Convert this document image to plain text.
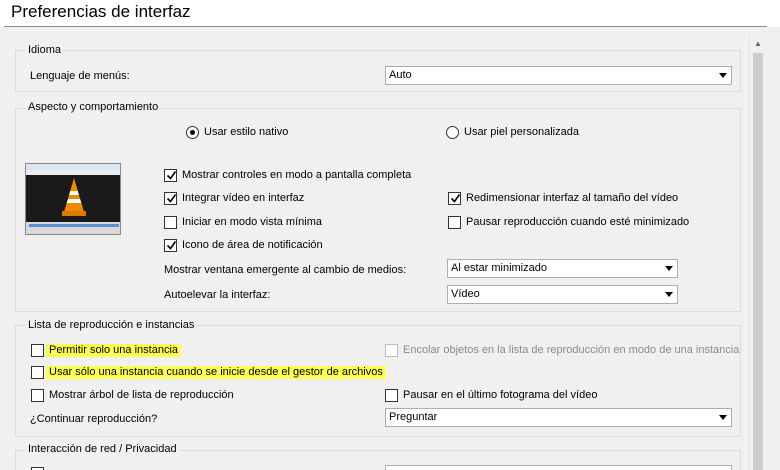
Preferencias de interfaz
Idioma
Lenguaje de menús:	Auto
Aspecto y comportamiento
Usar estilo nativo	Usar piel personalizada
Mostrar controles en modo a pantalla completa
Integrar vídeo en interfaz	Redimensionar interfaz al tamaño del vídeo
Iniciar en modo vista mínima	Pausar reproducción cuando esté minimizado
Icono de área de notificación
Mostrar ventana emergente al cambio de medios:	Al estar minimizado
Autoelevar la interfaz:	Vídeo
Lista de reproducción e instancias
Permitir solo una instancia	Encolar objetos en la lista de reproducción en modo de una instancia
Usar sólo una instancia cuando se inicie desde el gestor de archivos
Mostrar árbol de lista de reproducción	Pausar en el último fotograma del vídeo
¿Continuar reproducción?	Preguntar
Interacción de red / Privacidad
▲
